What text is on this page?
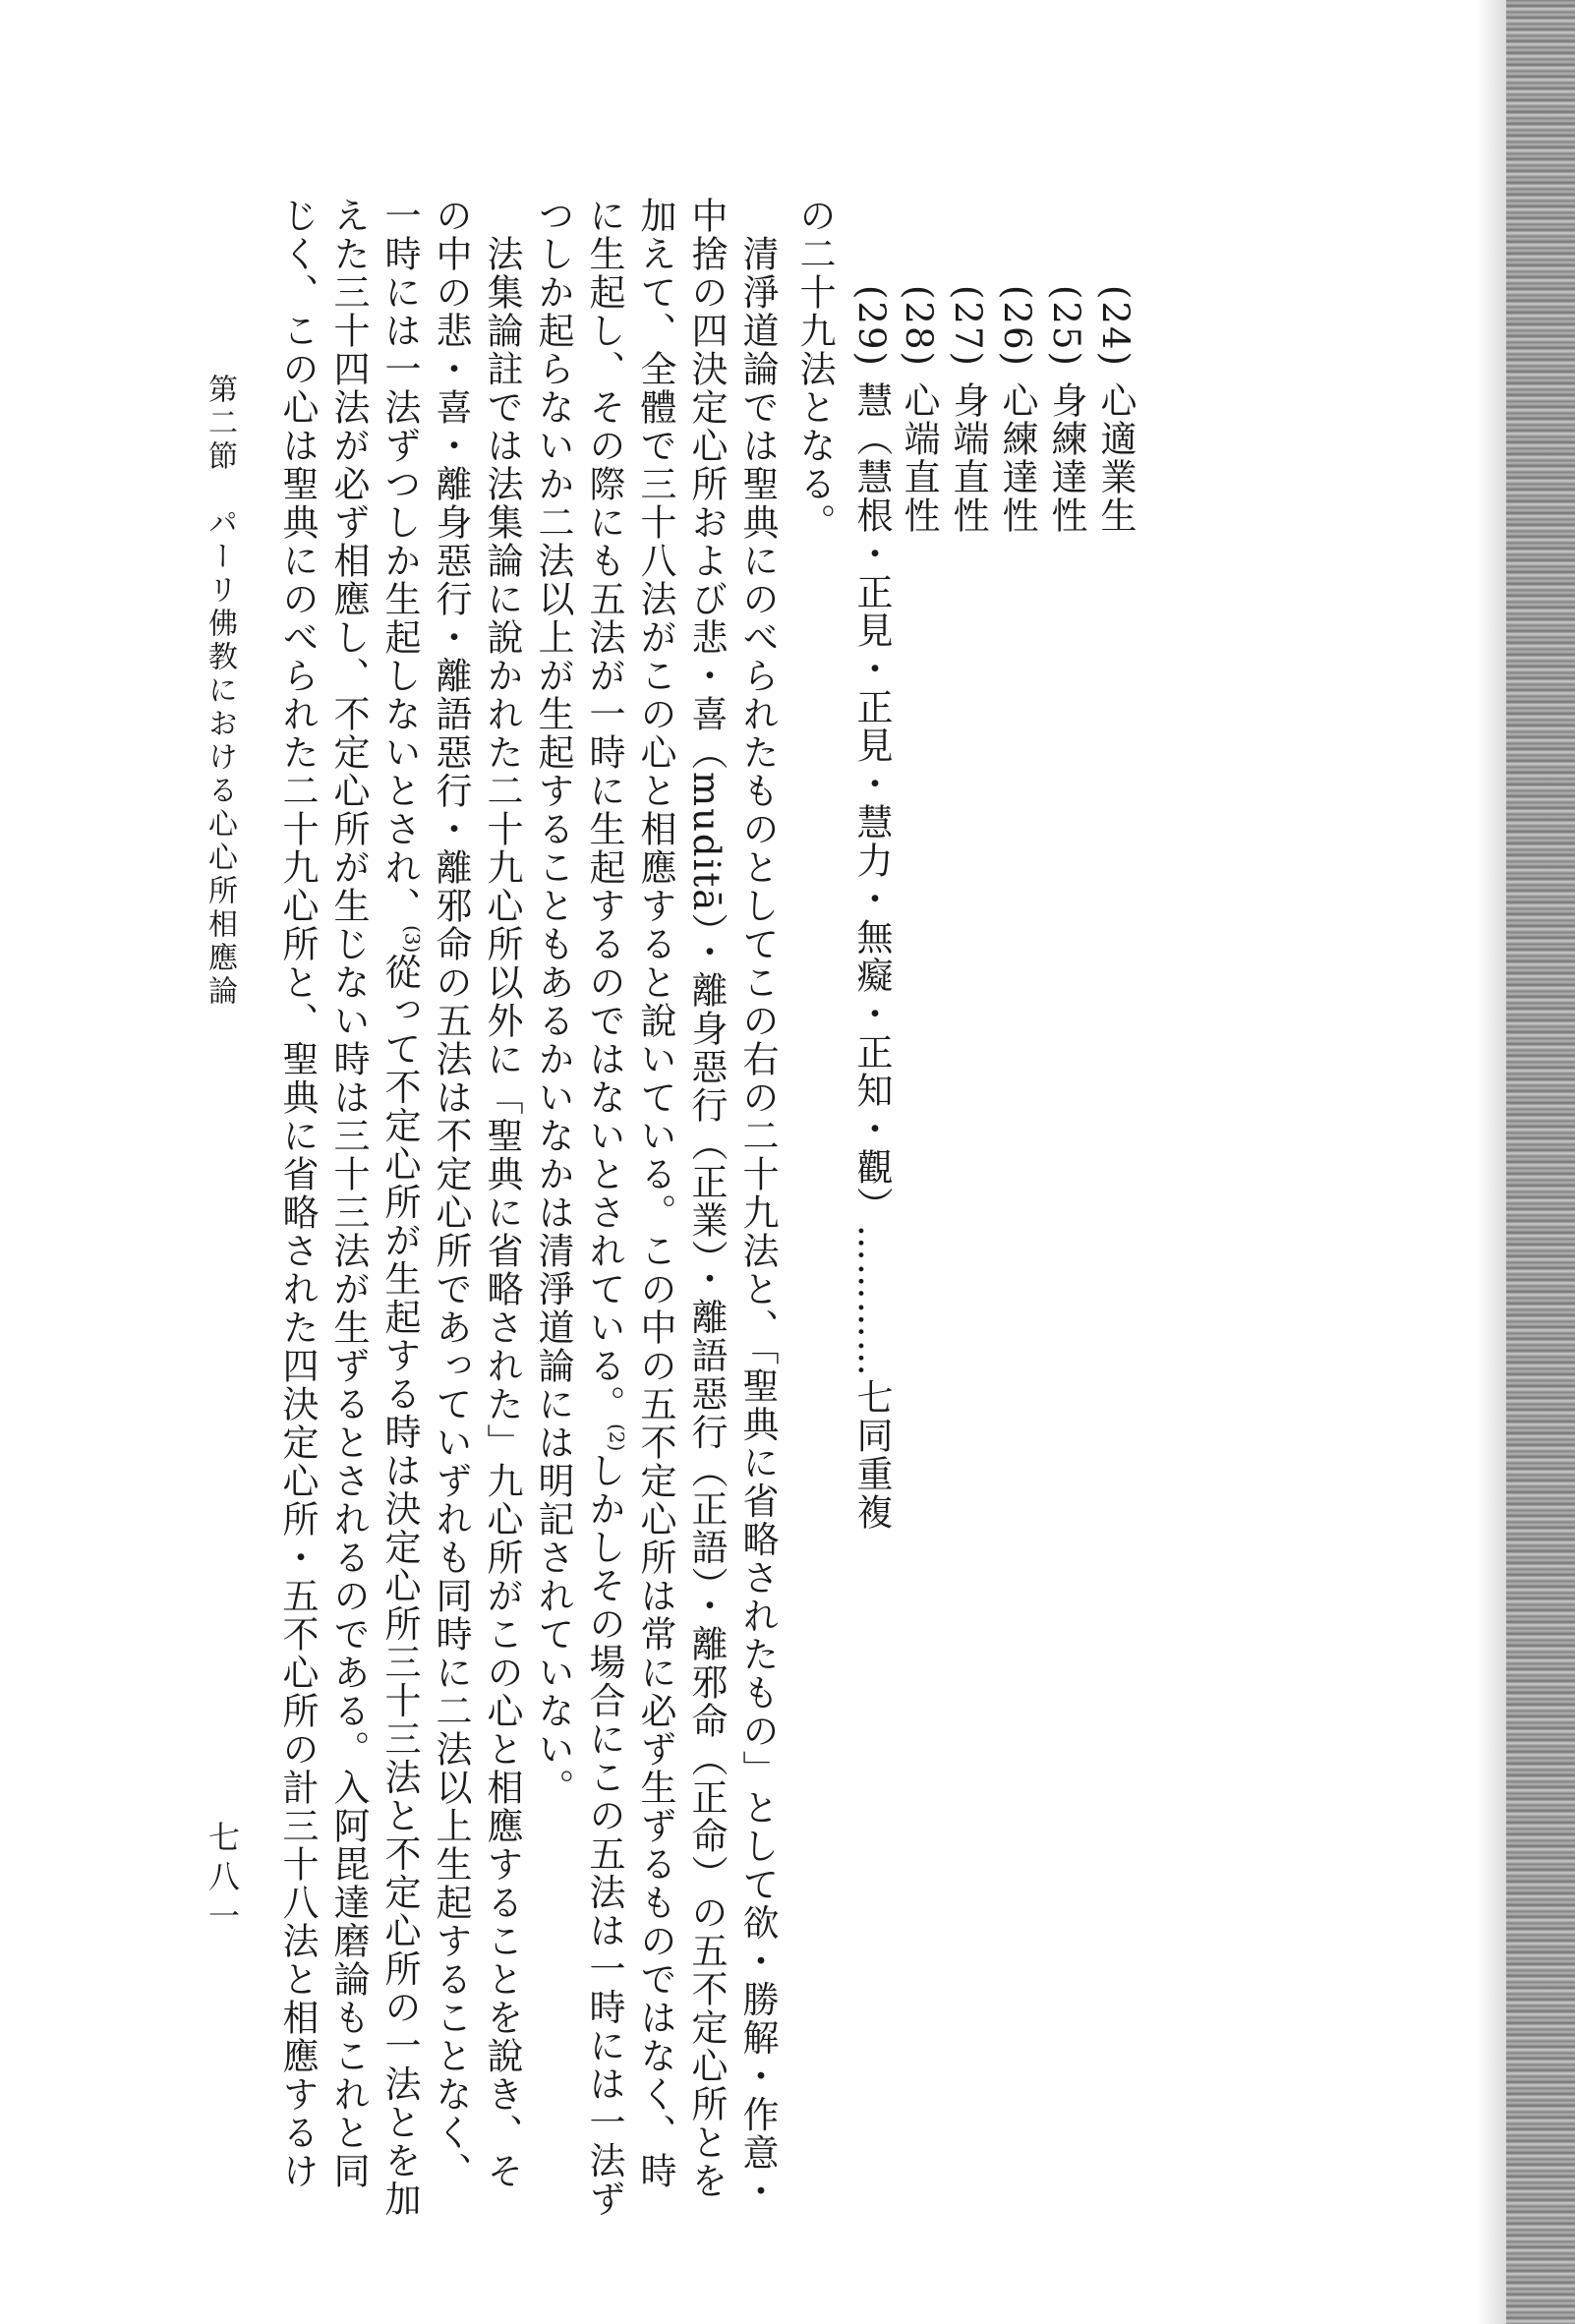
(24) 心適業生
(25) 身練達性
(26) 心練達性
(27) 身端直性
(28) 心端直性
(29) 慧（慧根・正見・正見・慧力・無癡・正知・觀）…………七同重複
の二十九法となる。
　清淨道論では聖典にのべられたものとしてこの右の二十九法と、「聖典に省略されたもの」として欲・勝解・作意・
中捨の四決定心所および悲・喜（muditā）・離身惡行（正業）・離語惡行（正語）・離邪命（正命）の五不定心所とを
加えて、全體で三十八法がこの心と相應すると說いている。この中の五不定心所は常に必ず生ずるものではなく、時
に生起し、その際にも五法が一時に生起するのではないとされている。$^{(2)}$しかしその場合にこの五法は一時には一法ず
つしか起らないか二法以上が生起することもあるかいなかは清淨道論には明記されていない。
　法集論註では法集論に說かれた二十九心所以外に「聖典に省略された」九心所がこの心と相應することを說き、そ
の中の悲・喜・離身惡行・離語惡行・離邪命の五法は不定心所であっていずれも同時に二法以上生起することなく、
一時には一法ずつしか生起しないとされ、$^{(3)}$從って不定心所が生起する時は決定心所三十三法と不定心所の一法とを加
えた三十四法が必ず相應し、不定心所が生じない時は三十三法が生ずるとされるのである。入阿毘達磨論もこれと同
じく、この心は聖典にのべられた二十九心所と、聖典に省略された四決定心所・五不心所の計三十八法と相應するけ
第二節　パーリ佛教における心心所相應論
七八一
